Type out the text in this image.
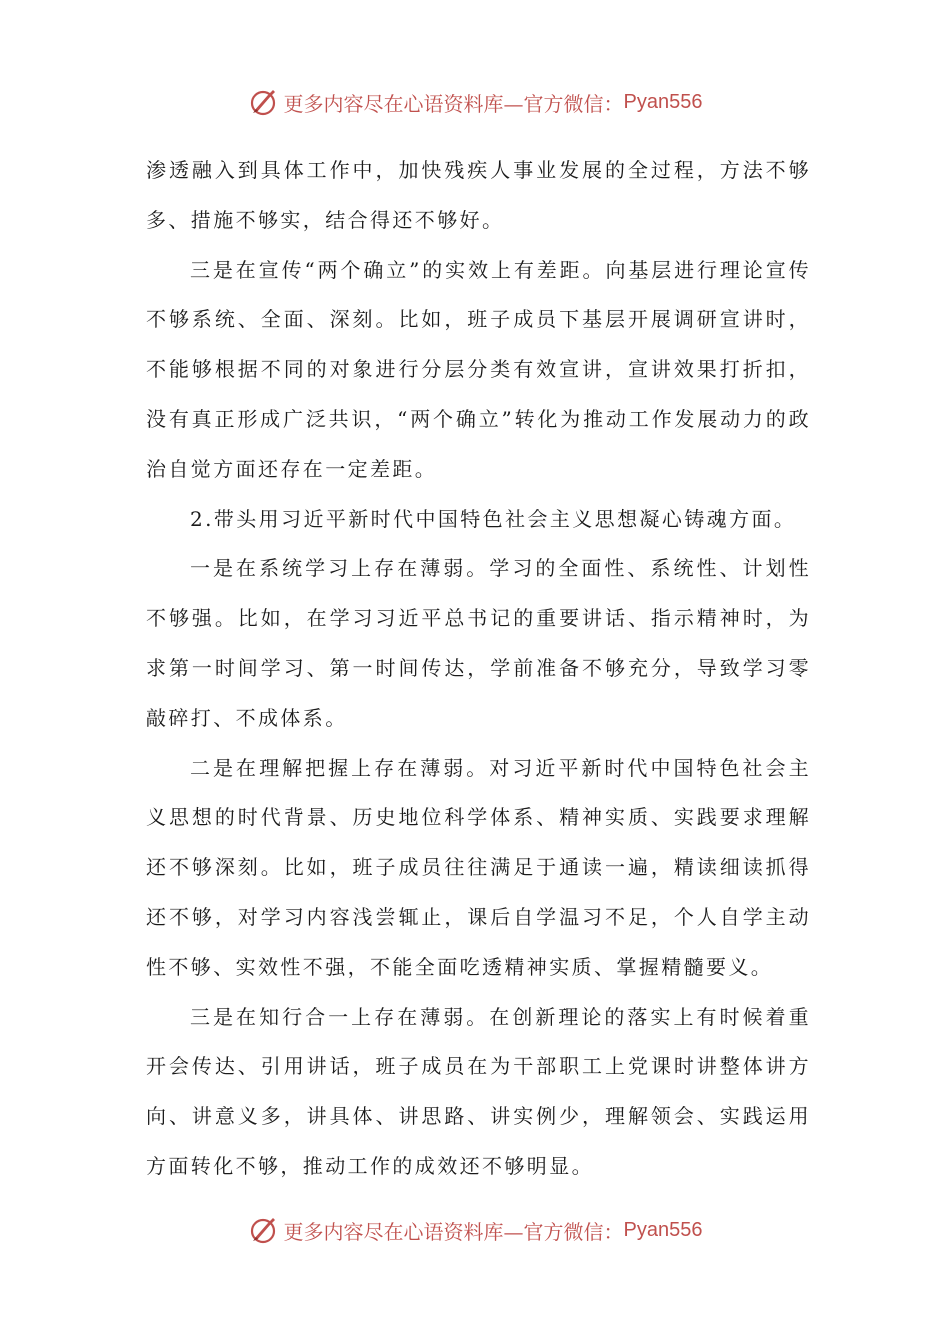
更多内容尽在心语资料库—官方微信： Pyan556

渗透融入到具体工作中，加快残疾人事业发展的全过程，方法不够多、措施不够实，结合得还不够好。

三是在宣传“两个确立”的实效上有差距。向基层进行理论宣传不够系统、全面、深刻。比如，班子成员下基层开展调研宣讲时，不能够根据不同的对象进行分层分类有效宣讲，宣讲效果打折扣，没有真正形成广泛共识，“两个确立”转化为推动工作发展动力的政治自觉方面还存在一定差距。

2.带头用习近平新时代中国特色社会主义思想凝心铸魂方面。

一是在系统学习上存在薄弱。学习的全面性、系统性、计划性不够强。比如，在学习习近平总书记的重要讲话、指示精神时，为求第一时间学习、第一时间传达，学前准备不够充分，导致学习零敲碎打、不成体系。

二是在理解把握上存在薄弱。对习近平新时代中国特色社会主义思想的时代背景、历史地位科学体系、精神实质、实践要求理解还不够深刻。比如，班子成员往往满足于通读一遍，精读细读抓得还不够，对学习内容浅尝辄止，课后自学温习不足，个人自学主动性不够、实效性不强，不能全面吃透精神实质、掌握精髓要义。

三是在知行合一上存在薄弱。在创新理论的落实上有时候着重开会传达、引用讲话，班子成员在为干部职工上党课时讲整体讲方向、讲意义多，讲具体、讲思路、讲实例少，理解领会、实践运用方面转化不够，推动工作的成效还不够明显。

更多内容尽在心语资料库—官方微信： Pyan556
